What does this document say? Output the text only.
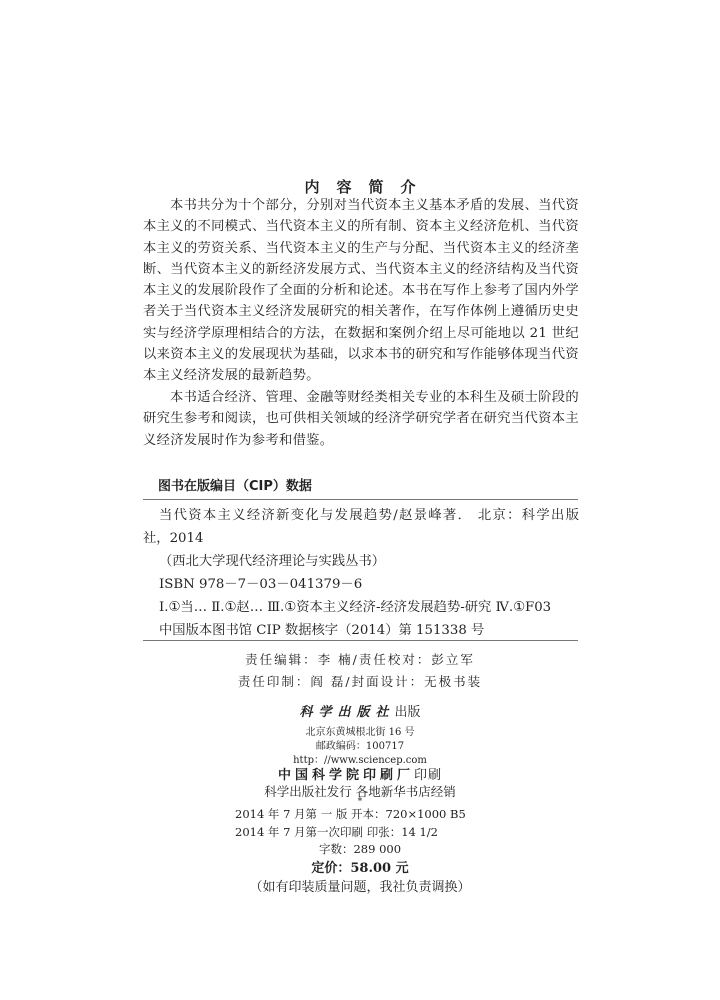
内容简介
本书共分为十个部分，分别对当代资本主义基本矛盾的发展、当代资
本主义的不同模式、当代资本主义的所有制、资本主义经济危机、当代资
本主义的劳资关系、当代资本主义的生产与分配、当代资本主义的经济垄
断、当代资本主义的新经济发展方式、当代资本主义的经济结构及当代资
本主义的发展阶段作了全面的分析和论述。本书在写作上参考了国内外学
者关于当代资本主义经济发展研究的相关著作，在写作体例上遵循历史史
实与经济学原理相结合的方法，在数据和案例介绍上尽可能地以 21 世纪
以来资本主义的发展现状为基础，以求本书的研究和写作能够体现当代资
本主义经济发展的最新趋势。
本书适合经济、管理、金融等财经类相关专业的本科生及硕士阶段的
研究生参考和阅读，也可供相关领域的经济学研究学者在研究当代资本主
义经济发展时作为参考和借鉴。
图书在版编目（CIP）数据
当代资本主义经济新变化与发展趋势/赵景峰著． 北京：科学出版
社，2014
（西北大学现代经济理论与实践丛书）
ISBN 978－7－03－041379－6
Ⅰ.①当… Ⅱ.①赵… Ⅲ.①资本主义经济-经济发展趋势-研究 Ⅳ.①F03
中国版本图书馆 CIP 数据核字（2014）第 151338 号
责任编辑：李 楠/责任校对：彭立军
责任印制：阎 磊/封面设计：无极书装
科学出版社出版
北京东黄城根北街 16 号
邮政编码：100717
http：//www.sciencep.com
中国科学院印刷厂印刷
科学出版社发行 各地新华书店经销
*
2014 年 7 月第 一 版 开本：720×1000 B5
2014 年 7 月第一次印刷 印张：14 1/2
字数：289 000
定价：58.00 元
（如有印装质量问题，我社负责调换）
